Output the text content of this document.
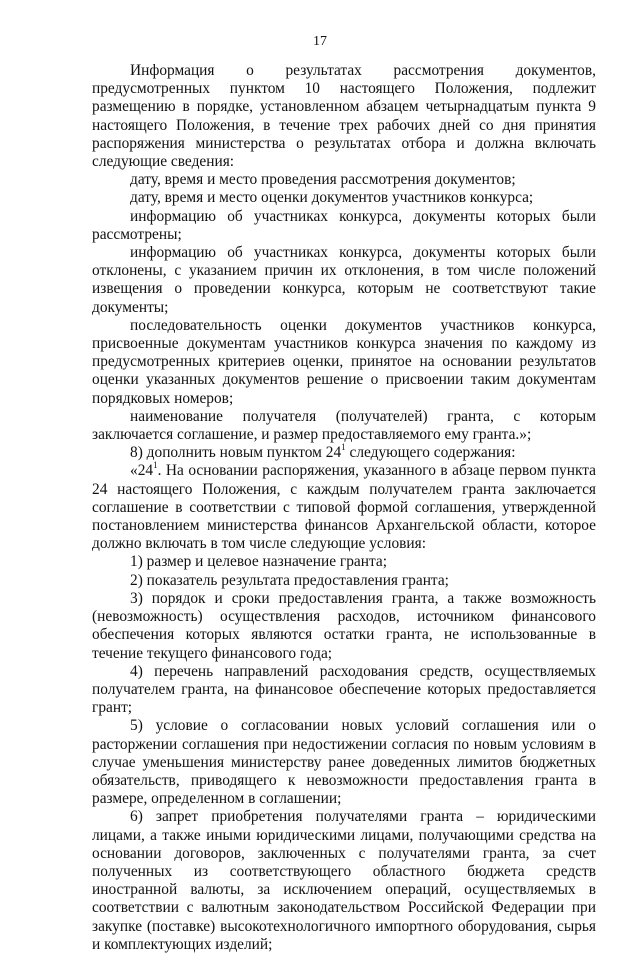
17

Информация о результатах рассмотрения документов, предусмотренных пунктом 10 настоящего Положения, подлежит размещению в порядке, установленном абзацем четырнадцатым пункта 9 настоящего Положения, в течение трех рабочих дней со дня принятия распоряжения министерства о результатах отбора и должна включать следующие сведения:

дату, время и место проведения рассмотрения документов;

дату, время и место оценки документов участников конкурса;

информацию об участниках конкурса, документы которых были рассмотрены;

информацию об участниках конкурса, документы которых были отклонены, с указанием причин их отклонения, в том числе положений извещения о проведении конкурса, которым не соответствуют такие документы;

последовательность оценки документов участников конкурса, присвоенные документам участников конкурса значения по каждому из предусмотренных критериев оценки, принятое на основании результатов оценки указанных документов решение о присвоении таким документам порядковых номеров;

наименование получателя (получателей) гранта, с которым заключается соглашение, и размер предоставляемого ему гранта.»;

8) дополнить новым пунктом $24^1$ следующего содержания:

«$24^1$. На основании распоряжения, указанного в абзаце первом пункта 24 настоящего Положения, с каждым получателем гранта заключается соглашение в соответствии с типовой формой соглашения, утвержденной постановлением министерства финансов Архангельской области, которое должно включать в том числе следующие условия:

1) размер и целевое назначение гранта;

2) показатель результата предоставления гранта;

3) порядок и сроки предоставления гранта, а также возможность (невозможность) осуществления расходов, источником финансового обеспечения которых являются остатки гранта, не использованные в течение текущего финансового года;

4) перечень направлений расходования средств, осуществляемых получателем гранта, на финансовое обеспечение которых предоставляется грант;

5) условие о согласовании новых условий соглашения или о расторжении соглашения при недостижении согласия по новым условиям в случае уменьшения министерству ранее доведенных лимитов бюджетных обязательств, приводящего к невозможности предоставления гранта в размере, определенном в соглашении;

6) запрет приобретения получателями гранта – юридическими лицами, а также иными юридическими лицами, получающими средства на основании договоров, заключенных с получателями гранта, за счет полученных из соответствующего областного бюджета средств иностранной валюты, за исключением операций, осуществляемых в соответствии с валютным законодательством Российской Федерации при закупке (поставке) высокотехнологичного импортного оборудования, сырья и комплектующих изделий;
